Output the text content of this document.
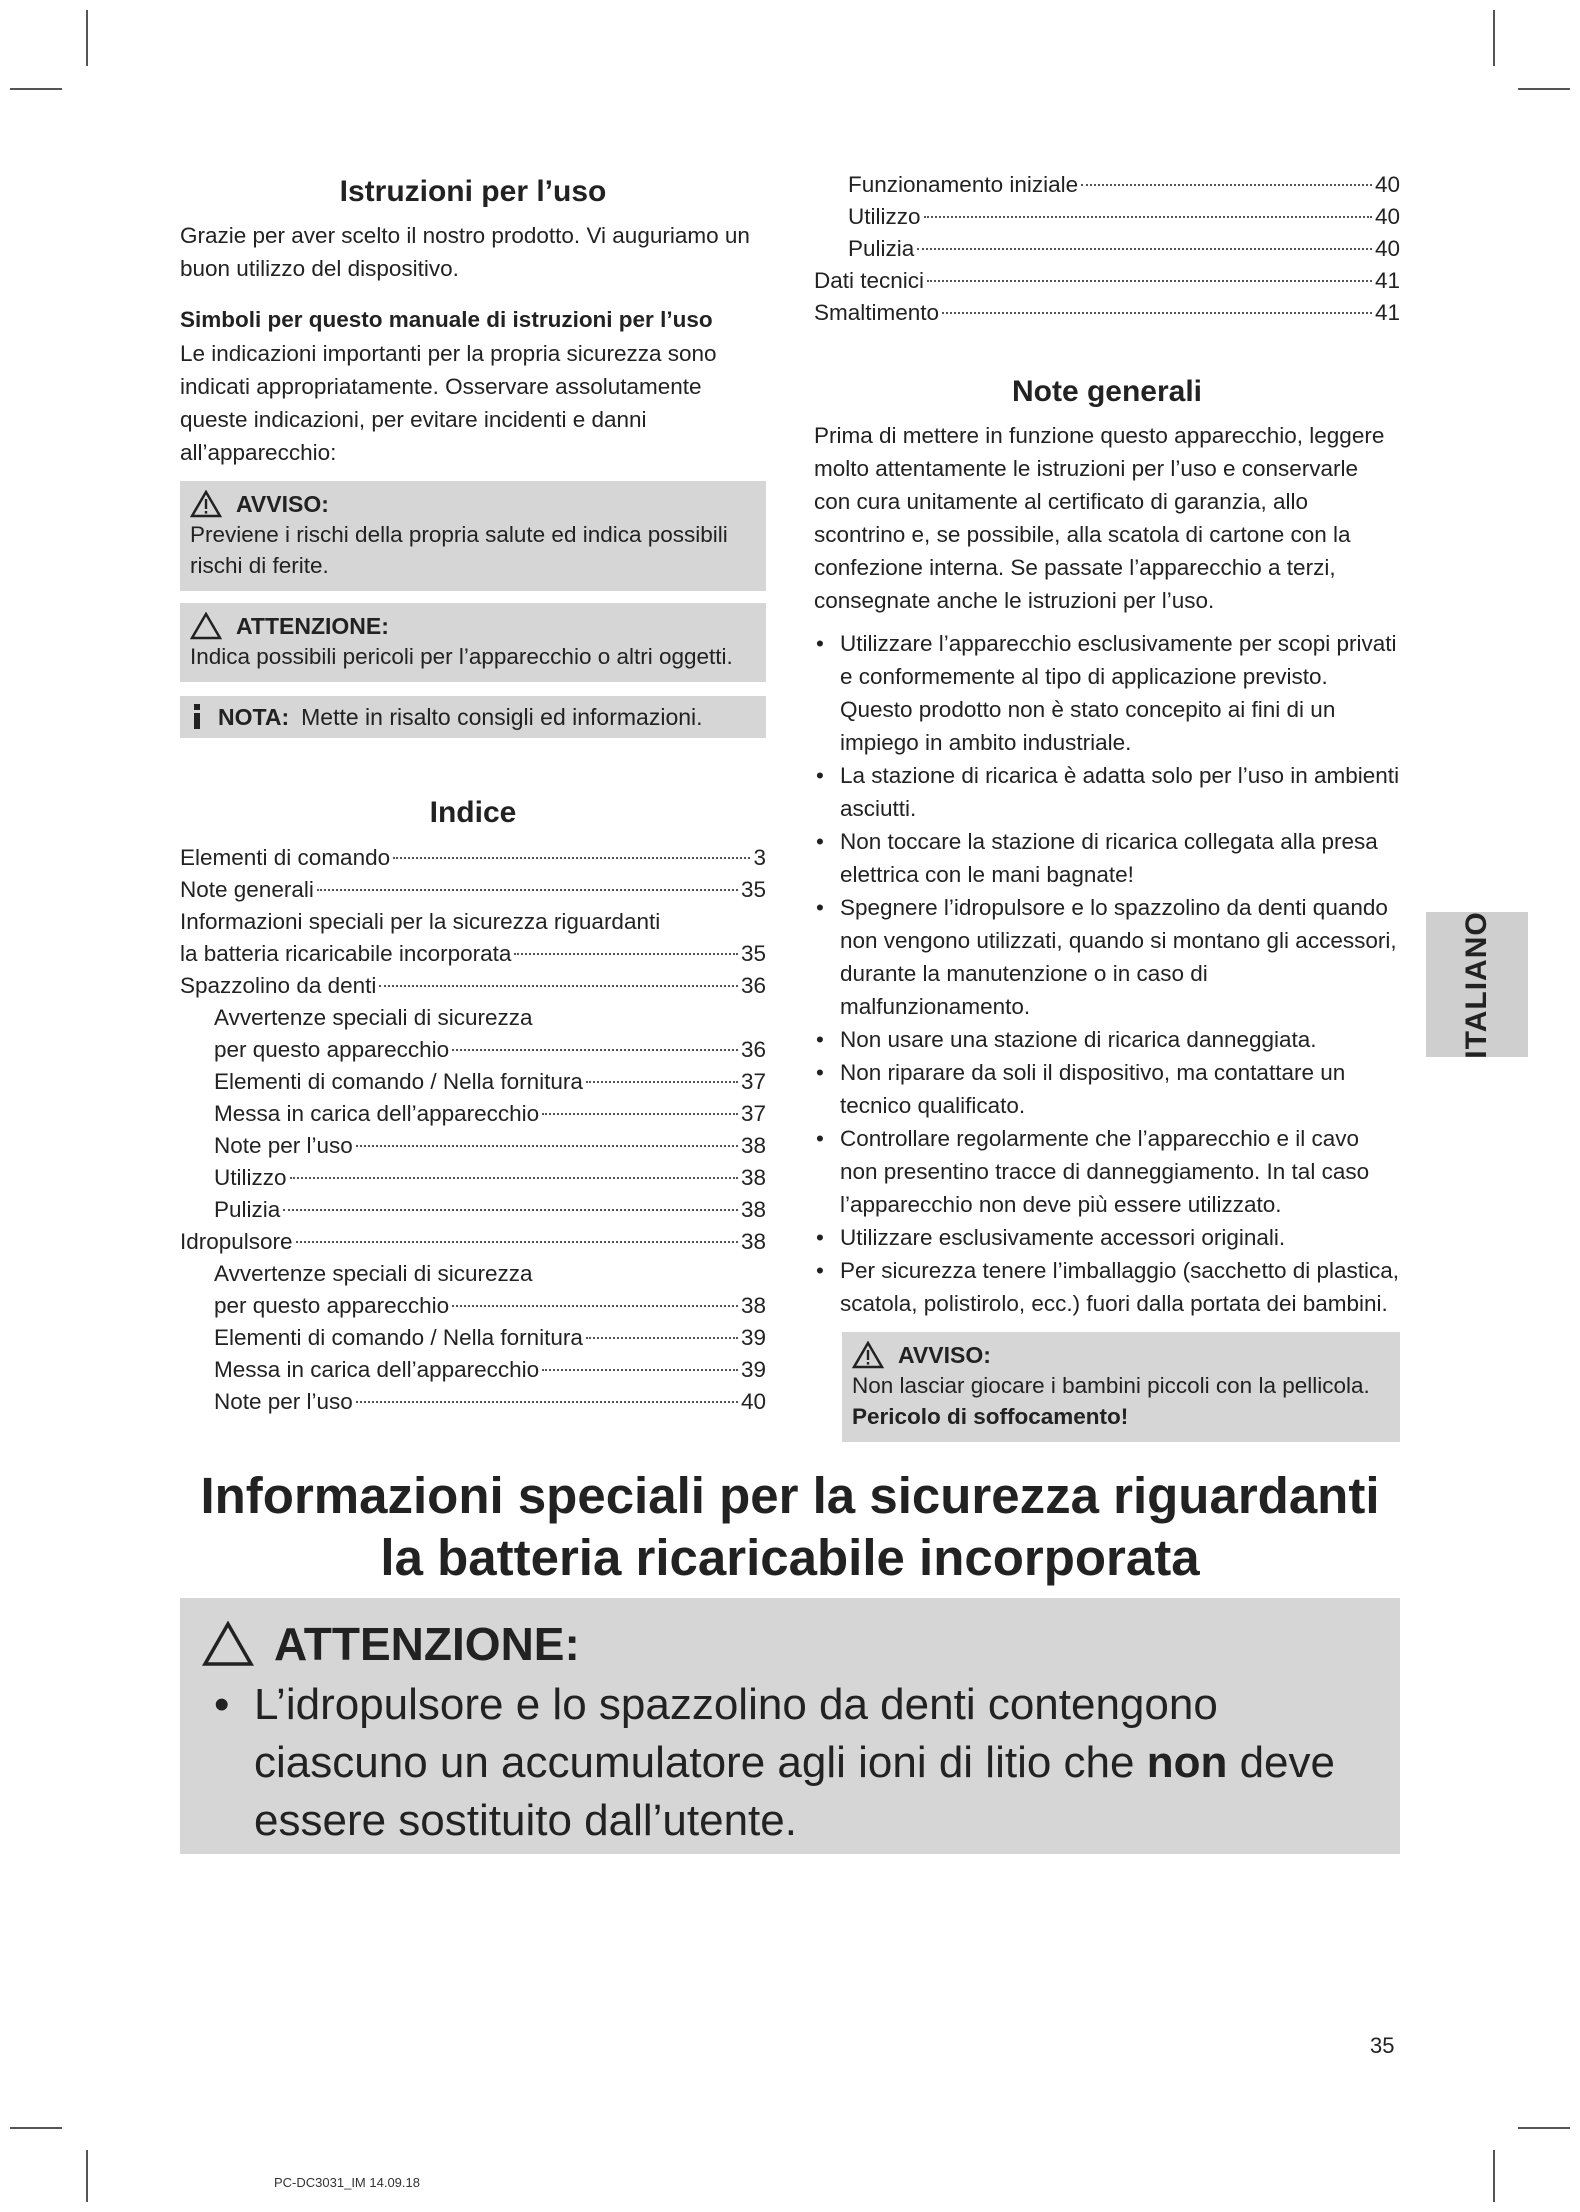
Istruzioni per l’uso

Grazie per aver scelto il nostro prodotto. Vi auguriamo un buon utilizzo del dispositivo.

Simboli per questo manuale di istruzioni per l’uso

Le indicazioni importanti per la propria sicurezza sono indicati appropriatamente. Osservare assolutamente queste indicazioni, per evitare incidenti e danni all’apparecchio:

AVVISO:
Previene i rischi della propria salute ed indica possibili rischi di ferite.
ATTENZIONE:
Indica possibili pericoli per l’apparecchio o altri oggetti.
NOTA: Mette in risalto consigli ed informazioni.
Indice
Elementi di comando	3
Note generali	35
Informazioni speciali per la sicurezza riguardanti
la batteria ricaricabile incorporata	35
Spazzolino da denti	36
Avvertenze speciali di sicurezza
per questo apparecchio	36
Elementi di comando / Nella fornitura	37
Messa in carica dell’apparecchio	37
Note per l’uso	38
Utilizzo	38
Pulizia	38
Idropulsore	38
Avvertenze speciali di sicurezza
per questo apparecchio	38
Elementi di comando / Nella fornitura	39
Messa in carica dell’apparecchio	39
Note per l’uso	40
Funzionamento iniziale	40
Utilizzo	40
Pulizia	40
Dati tecnici	41
Smaltimento	41
Note generali

Prima di mettere in funzione questo apparecchio, leggere molto attentamente le istruzioni per l’uso e conservarle con cura unitamente al certificato di garanzia, allo scontrino e, se possibile, alla scatola di cartone con la confezione interna. Se passate l’apparecchio a terzi, consegnate anche le istruzioni per l’uso.

• Utilizzare l’apparecchio esclusivamente per scopi privati e conformemente al tipo di applicazione previsto. Questo prodotto non è stato concepito ai fini di un impiego in ambito industriale.
• La stazione di ricarica è adatta solo per l’uso in ambienti asciutti.
• Non toccare la stazione di ricarica collegata alla presa elettrica con le mani bagnate!
• Spegnere l’idropulsore e lo spazzolino da denti quando non vengono utilizzati, quando si montano gli accessori, durante la manutenzione o in caso di malfunzionamento.
• Non usare una stazione di ricarica danneggiata.
• Non riparare da soli il dispositivo, ma contattare un tecnico qualificato.
• Controllare regolarmente che l’apparecchio e il cavo non presentino tracce di danneggiamento. In tal caso l’apparecchio non deve più essere utilizzato.
• Utilizzare esclusivamente accessori originali.
• Per sicurezza tenere l’imballaggio (sacchetto di plastica, scatola, polistirolo, ecc.) fuori dalla portata dei bambini.
AVVISO:
Non lasciar giocare i bambini piccoli con la pellicola.
Pericolo di soffocamento!
ITALIANO
Informazioni speciali per la sicurezza riguardanti
la batteria ricaricabile incorporata
ATTENZIONE:
• L’idropulsore e lo spazzolino da denti contengono ciascuno un accumulatore agli ioni di litio che non deve essere sostituito dall’utente.
35
PC-DC3031_IM 14.09.18
